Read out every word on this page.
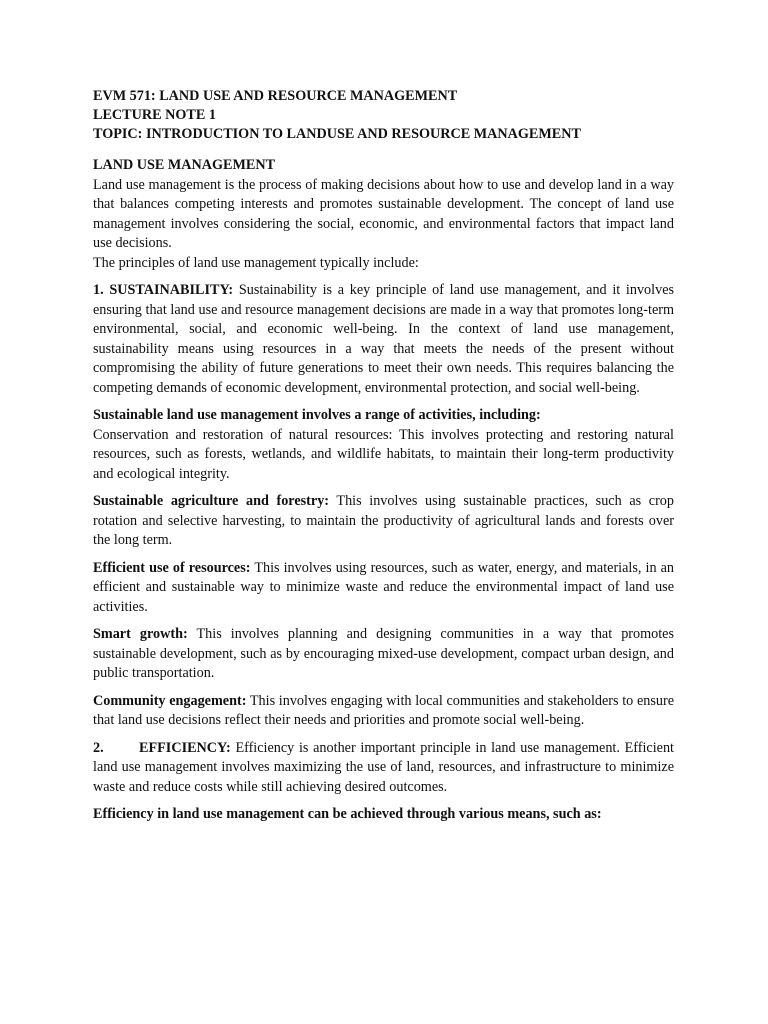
EVM 571: LAND USE AND RESOURCE MANAGEMENT
LECTURE NOTE 1
TOPIC: INTRODUCTION TO LANDUSE AND RESOURCE MANAGEMENT
LAND USE MANAGEMENT

Land use management is the process of making decisions about how to use and develop land in a way that balances competing interests and promotes sustainable development. The concept of land use management involves considering the social, economic, and environmental factors that impact land use decisions.

The principles of land use management typically include:

1. SUSTAINABILITY: Sustainability is a key principle of land use management, and it involves ensuring that land use and resource management decisions are made in a way that promotes long-term environmental, social, and economic well-being. In the context of land use management, sustainability means using resources in a way that meets the needs of the present without compromising the ability of future generations to meet their own needs. This requires balancing the competing demands of economic development, environmental protection, and social well-being.

Sustainable land use management involves a range of activities, including:
Conservation and restoration of natural resources: This involves protecting and restoring natural resources, such as forests, wetlands, and wildlife habitats, to maintain their long-term productivity and ecological integrity.

Sustainable agriculture and forestry: This involves using sustainable practices, such as crop rotation and selective harvesting, to maintain the productivity of agricultural lands and forests over the long term.

Efficient use of resources: This involves using resources, such as water, energy, and materials, in an efficient and sustainable way to minimize waste and reduce the environmental impact of land use activities.

Smart growth: This involves planning and designing communities in a way that promotes sustainable development, such as by encouraging mixed-use development, compact urban design, and public transportation.

Community engagement: This involves engaging with local communities and stakeholders to ensure that land use decisions reflect their needs and priorities and promote social well-being.

2. EFFICIENCY: Efficiency is another important principle in land use management. Efficient land use management involves maximizing the use of land, resources, and infrastructure to minimize waste and reduce costs while still achieving desired outcomes.

Efficiency in land use management can be achieved through various means, such as:
